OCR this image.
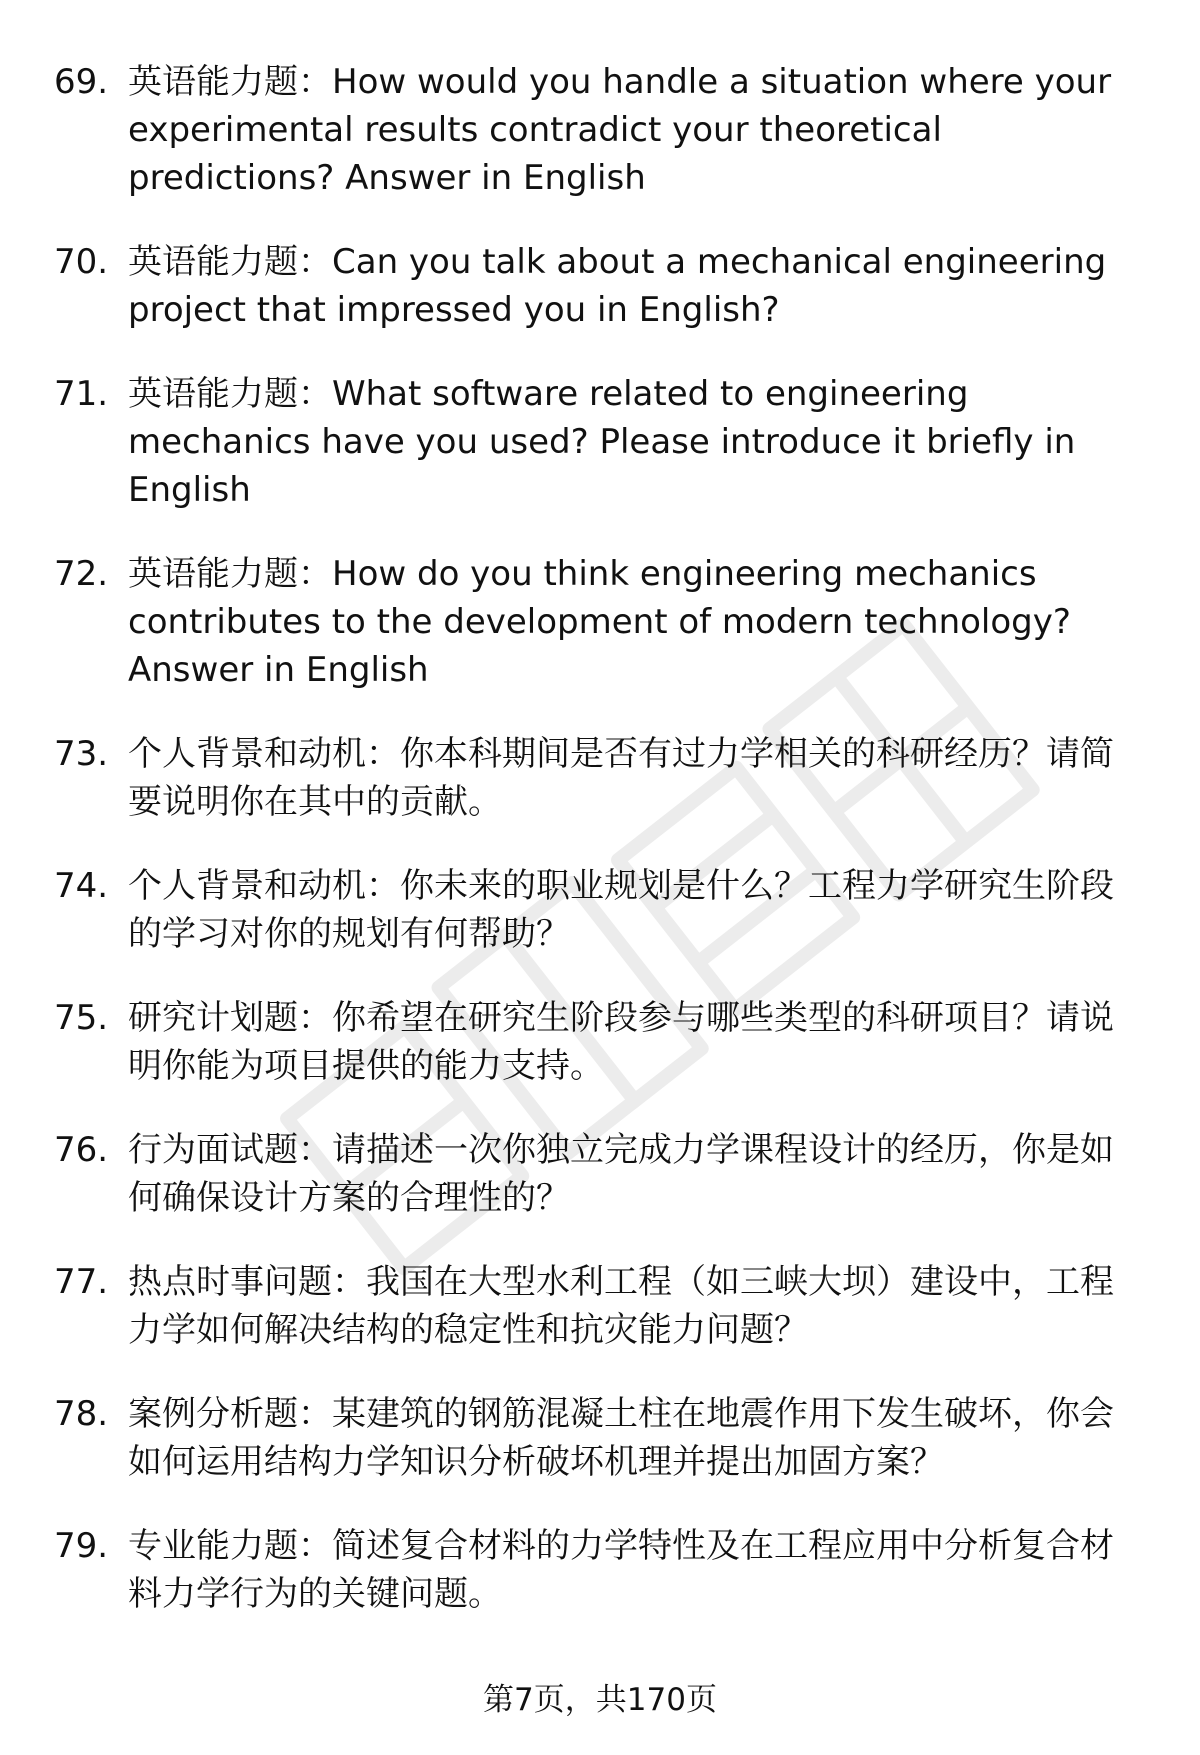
69. 英语能力题：How would you handle a situation where your experimental results contradict your theoretical predictions? Answer in English
70. 英语能力题：Can you talk about a mechanical engineering project that impressed you in English?
71. 英语能力题：What software related to engineering mechanics have you used? Please introduce it briefly in English
72. 英语能力题：How do you think engineering mechanics contributes to the development of modern technology? Answer in English
73. 个人背景和动机：你本科期间是否有过力学相关的科研经历？请简要说明你在其中的贡献。
74. 个人背景和动机：你未来的职业规划是什么？工程力学研究生阶段的学习对你的规划有何帮助？
75. 研究计划题：你希望在研究生阶段参与哪些类型的科研项目？请说明你能为项目提供的能力支持。
76. 行为面试题：请描述一次你独立完成力学课程设计的经历，你是如何确保设计方案的合理性的？
77. 热点时事问题：我国在大型水利工程（如三峡大坝）建设中，工程力学如何解决结构的稳定性和抗灾能力问题？
78. 案例分析题：某建筑的钢筋混凝土柱在地震作用下发生破坏，你会如何运用结构力学知识分析破坏机理并提出加固方案？
79. 专业能力题：简述复合材料的力学特性及在工程应用中分析复合材料力学行为的关键问题。
第7页，共170页
